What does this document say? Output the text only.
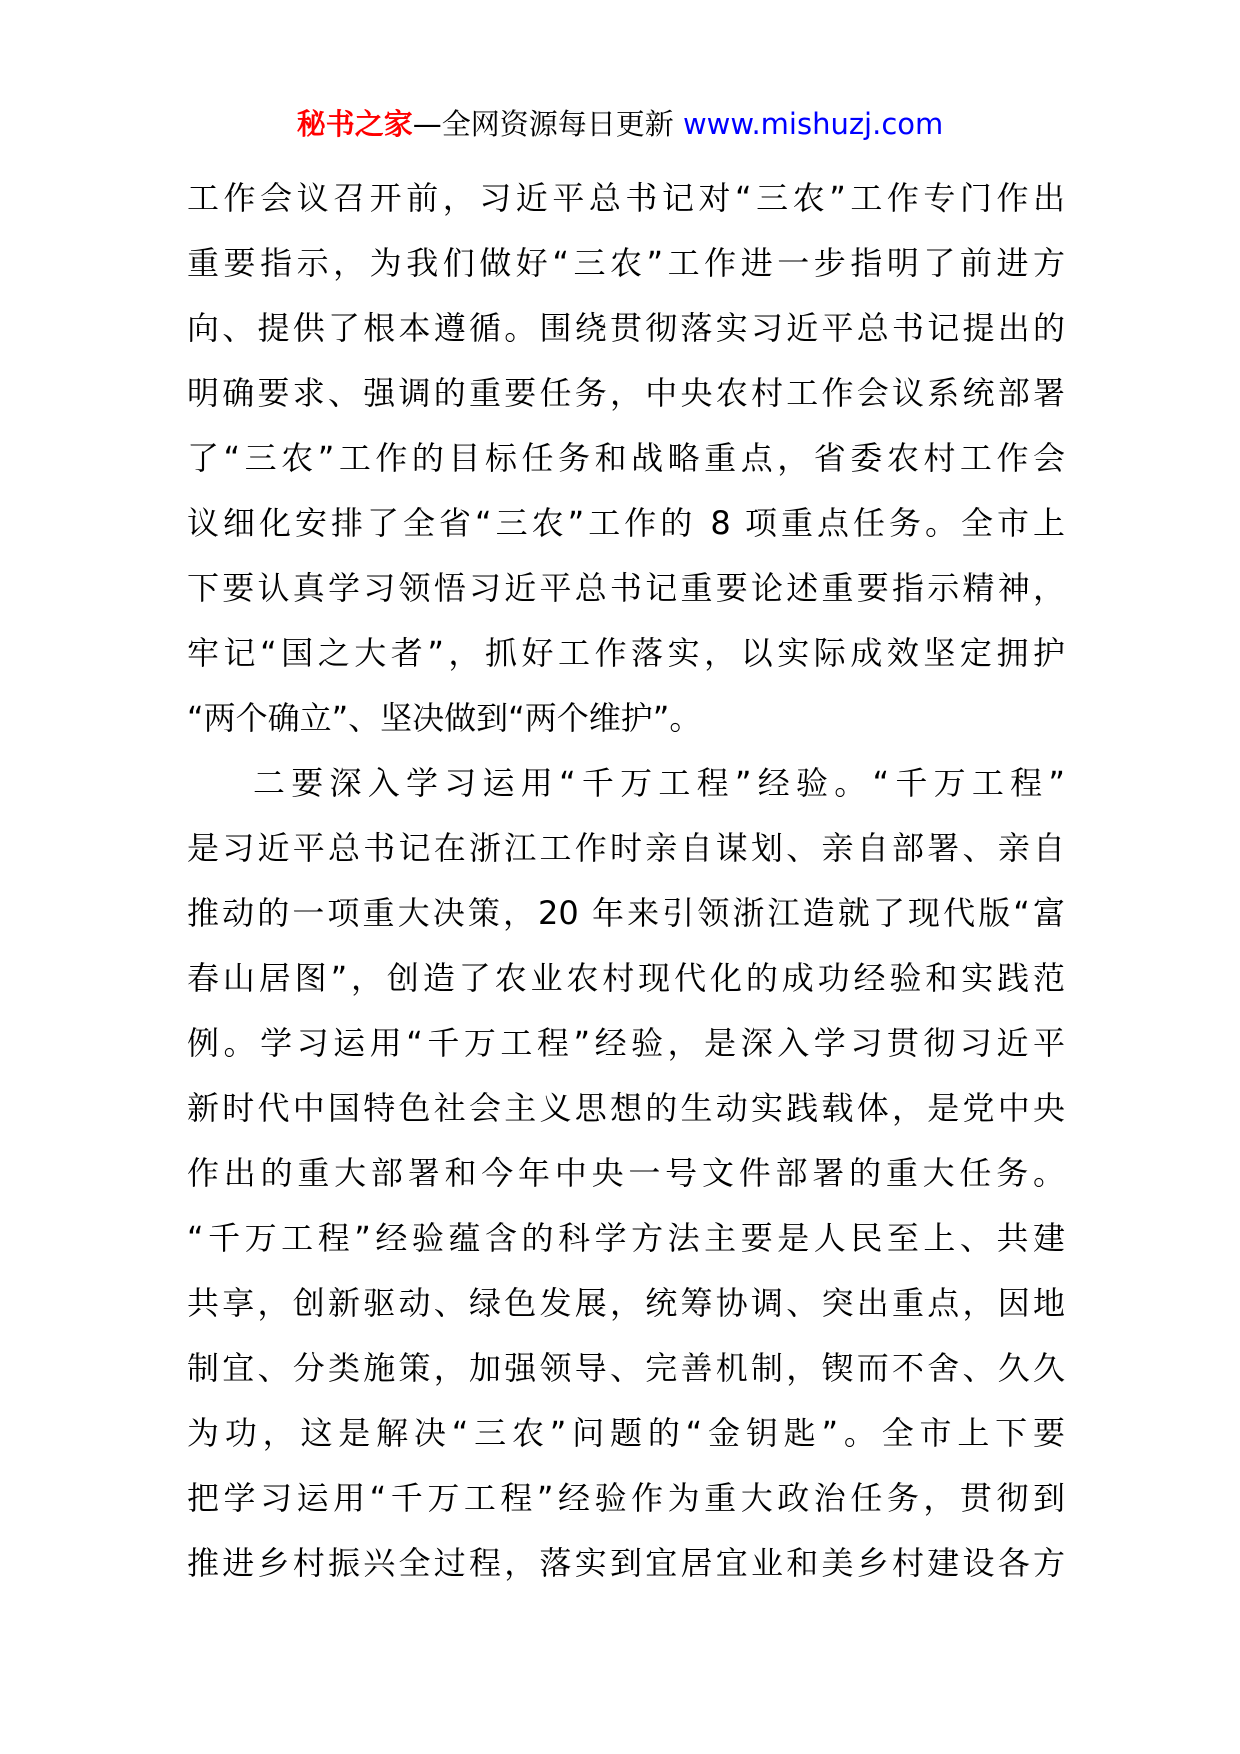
秘书之家—全网资源每日更新 www.mishuzj.com
工作会议召开前，习近平总书记对“三农”工作专门作出
重要指示，为我们做好“三农”工作进一步指明了前进方
向、提供了根本遵循。围绕贯彻落实习近平总书记提出的
明确要求、强调的重要任务，中央农村工作会议系统部署
了“三农”工作的目标任务和战略重点，省委农村工作会
议细化安排了全省“三农”工作的 8 项重点任务。全市上
下要认真学习领悟习近平总书记重要论述重要指示精神，
牢记“国之大者”，抓好工作落实，以实际成效坚定拥护
“两个确立”、坚决做到“两个维护”。
二要深入学习运用“千万工程”经验。“千万工程”
是习近平总书记在浙江工作时亲自谋划、亲自部署、亲自
推动的一项重大决策，20 年来引领浙江造就了现代版“富
春山居图”，创造了农业农村现代化的成功经验和实践范
例。学习运用“千万工程”经验，是深入学习贯彻习近平
新时代中国特色社会主义思想的生动实践载体，是党中央
作出的重大部署和今年中央一号文件部署的重大任务。
“千万工程”经验蕴含的科学方法主要是人民至上、共建
共享，创新驱动、绿色发展，统筹协调、突出重点，因地
制宜、分类施策，加强领导、完善机制，锲而不舍、久久
为功，这是解决“三农”问题的“金钥匙”。全市上下要
把学习运用“千万工程”经验作为重大政治任务，贯彻到
推进乡村振兴全过程，落实到宜居宜业和美乡村建设各方
